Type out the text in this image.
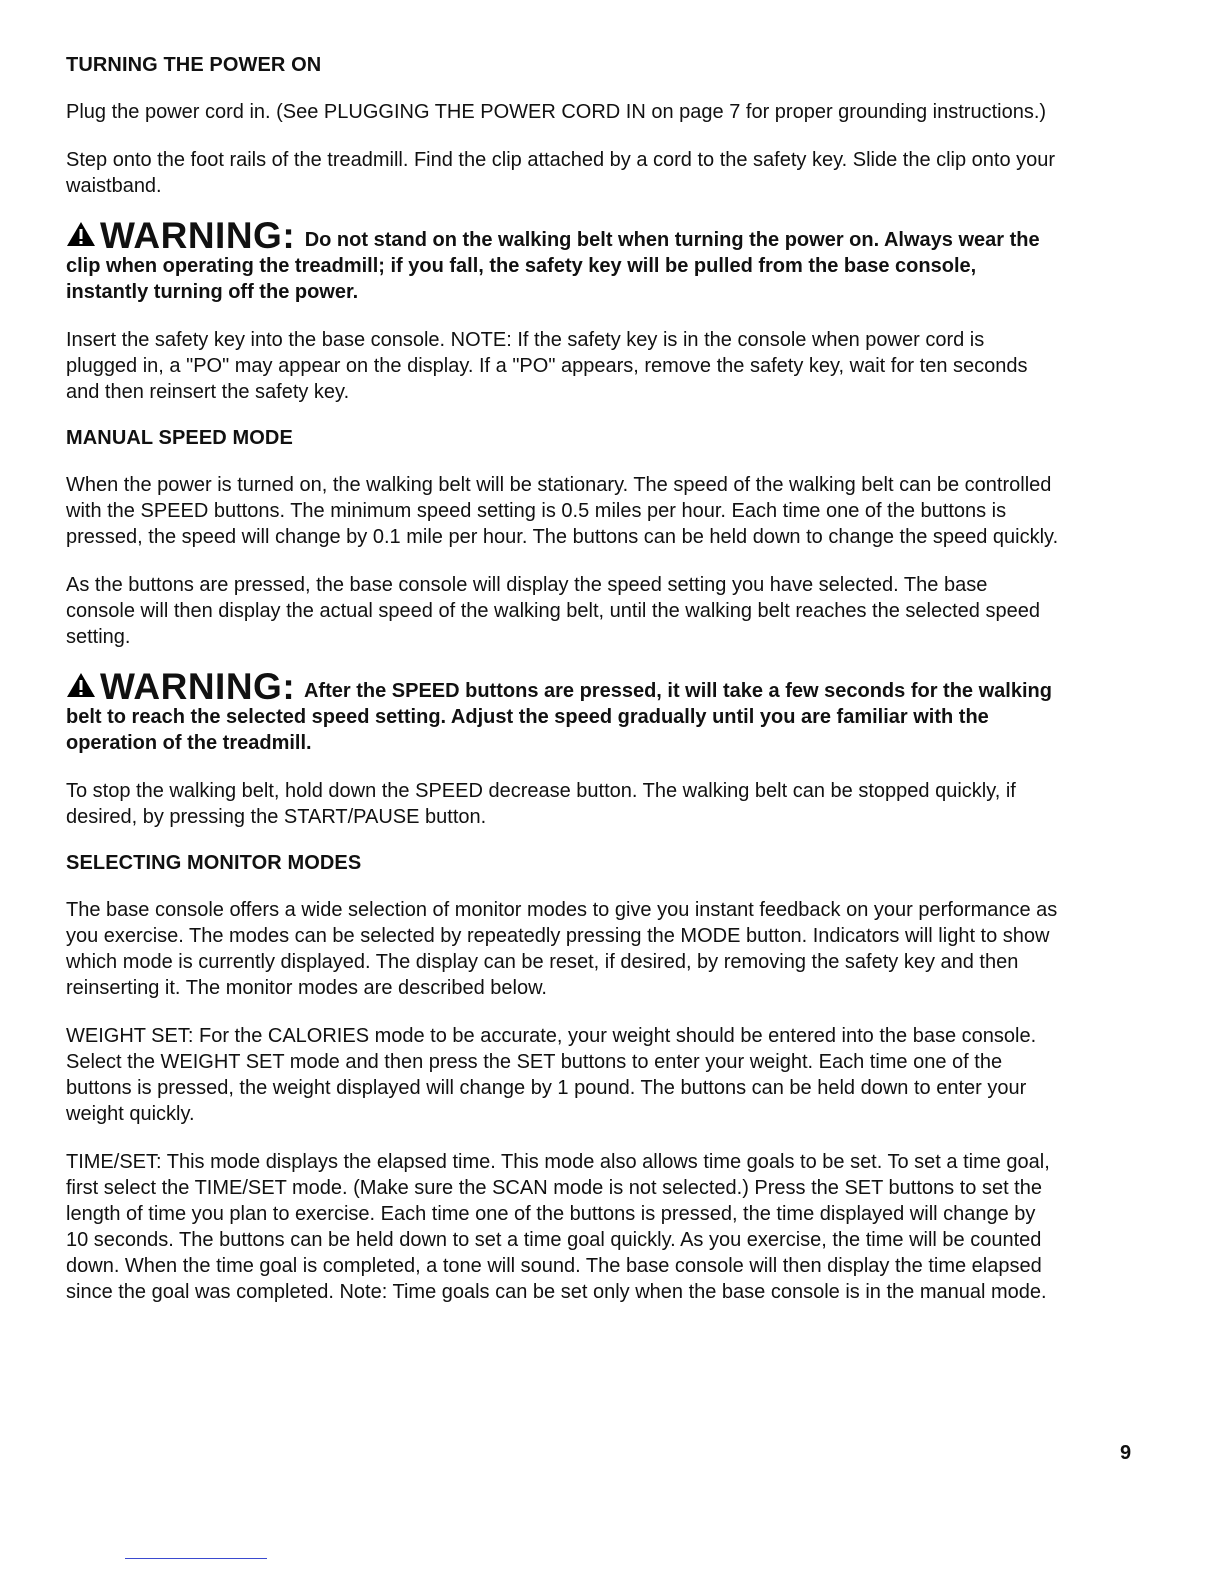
TURNING THE POWER ON

Plug the power cord in. (See PLUGGING THE POWER CORD IN on page 7 for proper grounding instructions.)

Step onto the foot rails of the treadmill. Find the clip attached by a cord to the safety key. Slide the clip onto your waistband.

WARNING: Do not stand on the walking belt when turning the power on. Always wear the clip when operating the treadmill; if you fall, the safety key will be pulled from the base console, instantly turning off the power.

Insert the safety key into the base console. NOTE: If the safety key is in the console when power cord is plugged in, a "PO" may appear on the display. If a "PO" appears, remove the safety key, wait for ten seconds and then reinsert the safety key.

MANUAL SPEED MODE

When the power is turned on, the walking belt will be stationary. The speed of the walking belt can be controlled with the SPEED buttons. The minimum speed setting is 0.5 miles per hour. Each time one of the buttons is pressed, the speed will change by 0.1 mile per hour. The buttons can be held down to change the speed quickly.

As the buttons are pressed, the base console will display the speed setting you have selected. The base console will then display the actual speed of the walking belt, until the walking belt reaches the selected speed setting.

WARNING: After the SPEED buttons are pressed, it will take a few seconds for the walking belt to reach the selected speed setting. Adjust the speed gradually until you are familiar with the operation of the treadmill.

To stop the walking belt, hold down the SPEED decrease button. The walking belt can be stopped quickly, if desired, by pressing the START/PAUSE button.

SELECTING MONITOR MODES

The base console offers a wide selection of monitor modes to give you instant feedback on your performance as you exercise. The modes can be selected by repeatedly pressing the MODE button. Indicators will light to show which mode is currently displayed. The display can be reset, if desired, by removing the safety key and then reinserting it. The monitor modes are described below.

WEIGHT SET: For the CALORIES mode to be accurate, your weight should be entered into the base console. Select the WEIGHT SET mode and then press the SET buttons to enter your weight. Each time one of the buttons is pressed, the weight displayed will change by 1 pound. The buttons can be held down to enter your weight quickly.

TIME/SET: This mode displays the elapsed time. This mode also allows time goals to be set. To set a time goal, first select the TIME/SET mode. (Make sure the SCAN mode is not selected.) Press the SET buttons to set the length of time you plan to exercise. Each time one of the buttons is pressed, the time displayed will change by 10 seconds. The buttons can be held down to set a time goal quickly. As you exercise, the time will be counted down. When the time goal is completed, a tone will sound. The base console will then display the time elapsed since the goal was completed. Note: Time goals can be set only when the base console is in the manual mode.

9
